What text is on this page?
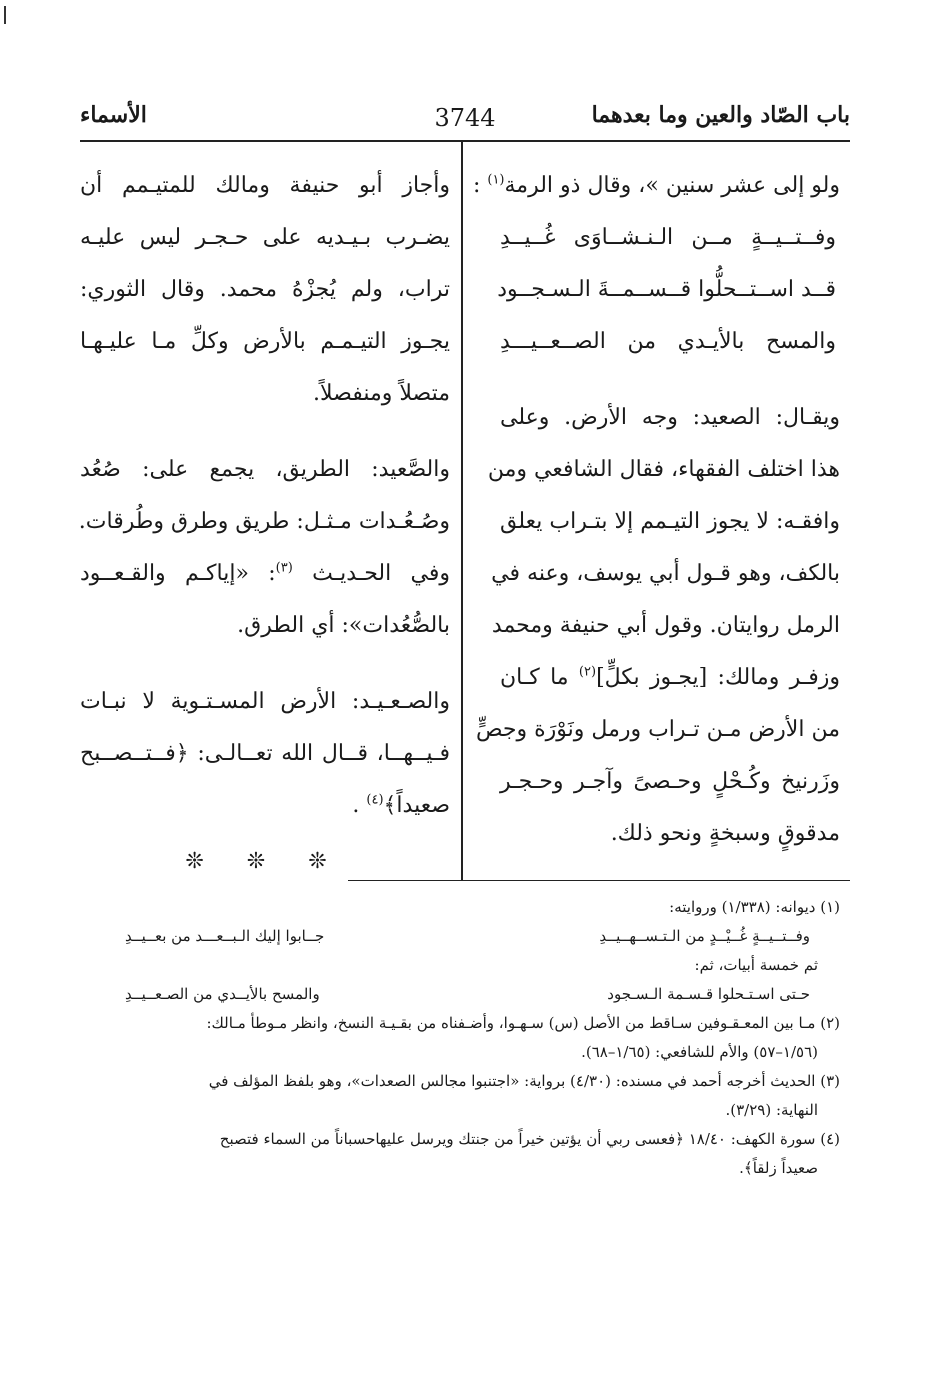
باب الصّاد والعين وما بعدهما
3744
الأسماء
ولو إلى عشر سنين »، وقال ذو الرمة$^{(١)}$ :
وفــتــيــةٍ مــن الـنـشــاوَى غُــيــدِ
قــد اســتــحلُّوا قــســمــةَ الـسـجــود
والمسح بالأيـدي من الصــعــيـــدِ
ويقـال: الصعيد: وجه الأرض. وعلى
هذا اختلف الفقهاء، فقال الشافعي ومن
وافقـه: لا يجوز التيـمم إلا بتـراب يعلق
بالكف، وهو قـول أبي يوسف، وعنه في
الرمل روايتان. وقول أبي حنيفة ومحمد
وزفـر ومالك: [يجـوز بكلٍّ]$^{(٢)}$ ما كـان
من الأرض مـن تـراب ورمل ونَوْرَة وجصٍّ
وزَرنيخ وكُـحْلٍ وحـصىً وآجـر وحـجـر
مدقوقٍ وسبخةٍ ونحو ذلك.
وأجاز أبو حنيفة ومالك للمتيـمم أن
يضـرب بـيـديه على حـجـر ليس عليـه
تراب، ولم يُجزْهُ محمد. وقال الثوري:
يجـوز التيـمـم بالأرض وكلِّ مـا عليـهـا
متصلاً ومنفصلاً.
والصَّعيد: الطريق، يجمع على: صُعُد
وصُـعُـدات مـثـل: طريق وطرق وطُرقات.
وفي الحـديـث $^{(٣)}$: «إياكـم والقـعــود
بالصُّعُدات»: أي الطرق.
والصـعـيـد: الأرض المسـتـوية لا نبـات
فـيــهــا، قــال الله تعــالـى: ﴿فــتــصــبح
صعيداً﴾$^{(٤)}$ .
❊ ❊ ❊
(١) ديوانه: (١/٣٣٨) وروايته:
وفــتــيــةٍ غُــيْــدٍ من الـتـســهــيــدِ
جــابوا إليك الـبــعـــد من بعــيــدِ
ثم خمسة أبيات، ثم:
حـتى اسـتـحلوا قـسـمة الـسـجود
والمسح بالأيــدي من الصـعــيــدِ
(٢) مـا بين المعـقـوفين سـاقط من الأصل (س) سـهـوا، وأضـفناه من بقـيـة النسخ، وانظر مـوطأ مـالك:
(١/٥٦–٥٧) والأم للشافعي: (١/٦٥–٦٨).
(٣) الحديث أخرجه أحمد في مسنده: (٤/٣٠) برواية: «اجتنبوا مجالس الصعدات»، وهو بلفظ المؤلف في
النهاية: (٣/٢٩).
(٤) سورة الكهف: ١٨/٤٠ ﴿فعسى ربي أن يؤتين خيراً من جنتك ويرسل عليهاحسباناً من السماء فتصبح
صعيداً زلقاً﴾.
